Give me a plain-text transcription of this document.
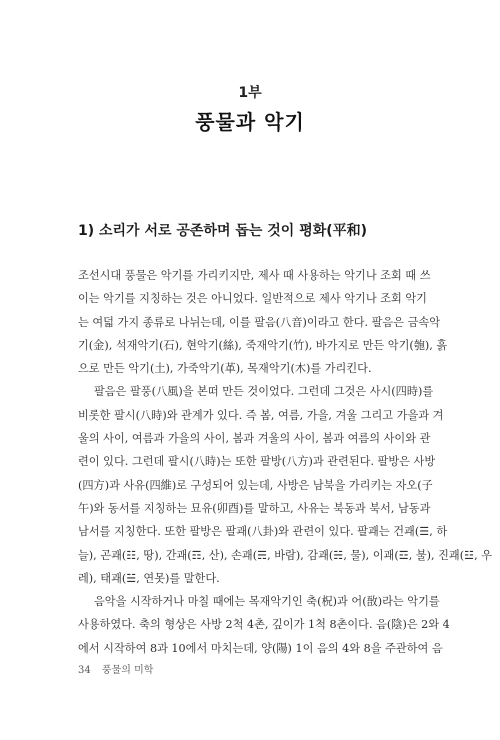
1부
풍물과 악기
1) 소리가 서로 공존하며 돕는 것이 평화(平和)
조선시대 풍물은 악기를 가리키지만, 제사 때 사용하는 악기나 조회 때 쓰
이는 악기를 지칭하는 것은 아니었다. 일반적으로 제사 악기나 조회 악기
는 여덟 가지 종류로 나뉘는데, 이를 팔음(八音)이라고 한다. 팔음은 금속악
기(金), 석재악기(石), 현악기(絲), 죽재악기(竹), 바가지로 만든 악기(匏), 흙
으로 만든 악기(土), 가죽악기(革), 목재악기(木)를 가리킨다.
팔음은 팔풍(八風)을 본떠 만든 것이었다. 그런데 그것은 사시(四時)를
비롯한 팔시(八時)와 관계가 있다. 즉 봄, 여름, 가을, 겨울 그리고 가을과 겨
울의 사이, 여름과 가을의 사이, 봄과 겨울의 사이, 봄과 여름의 사이와 관
련이 있다. 그런데 팔시(八時)는 또한 팔방(八方)과 관련된다. 팔방은 사방
(四方)과 사유(四維)로 구성되어 있는데, 사방은 남북을 가리키는 자오(子
午)와 동서를 지칭하는 묘유(卯酉)를 말하고, 사유는 북동과 북서, 남동과
남서를 지칭한다. 또한 팔방은 팔괘(八卦)와 관련이 있다. 팔괘는 건괘(☰, 하
늘), 곤괘(☷, 땅), 간괘(☶, 산), 손괘(☴, 바람), 감괘(☵, 물), 이괘(☲, 불), 진괘(☳, 우
레), 태괘(☱, 연못)를 말한다.
음악을 시작하거나 마칠 때에는 목재악기인 축(柷)과 어(敔)라는 악기를
사용하였다. 축의 형상은 사방 2척 4촌, 깊이가 1척 8촌이다. 음(陰)은 2와 4
에서 시작하여 8과 10에서 마치는데, 양(陽) 1이 음의 4와 8을 주관하여 음
34 풍물의 미학
